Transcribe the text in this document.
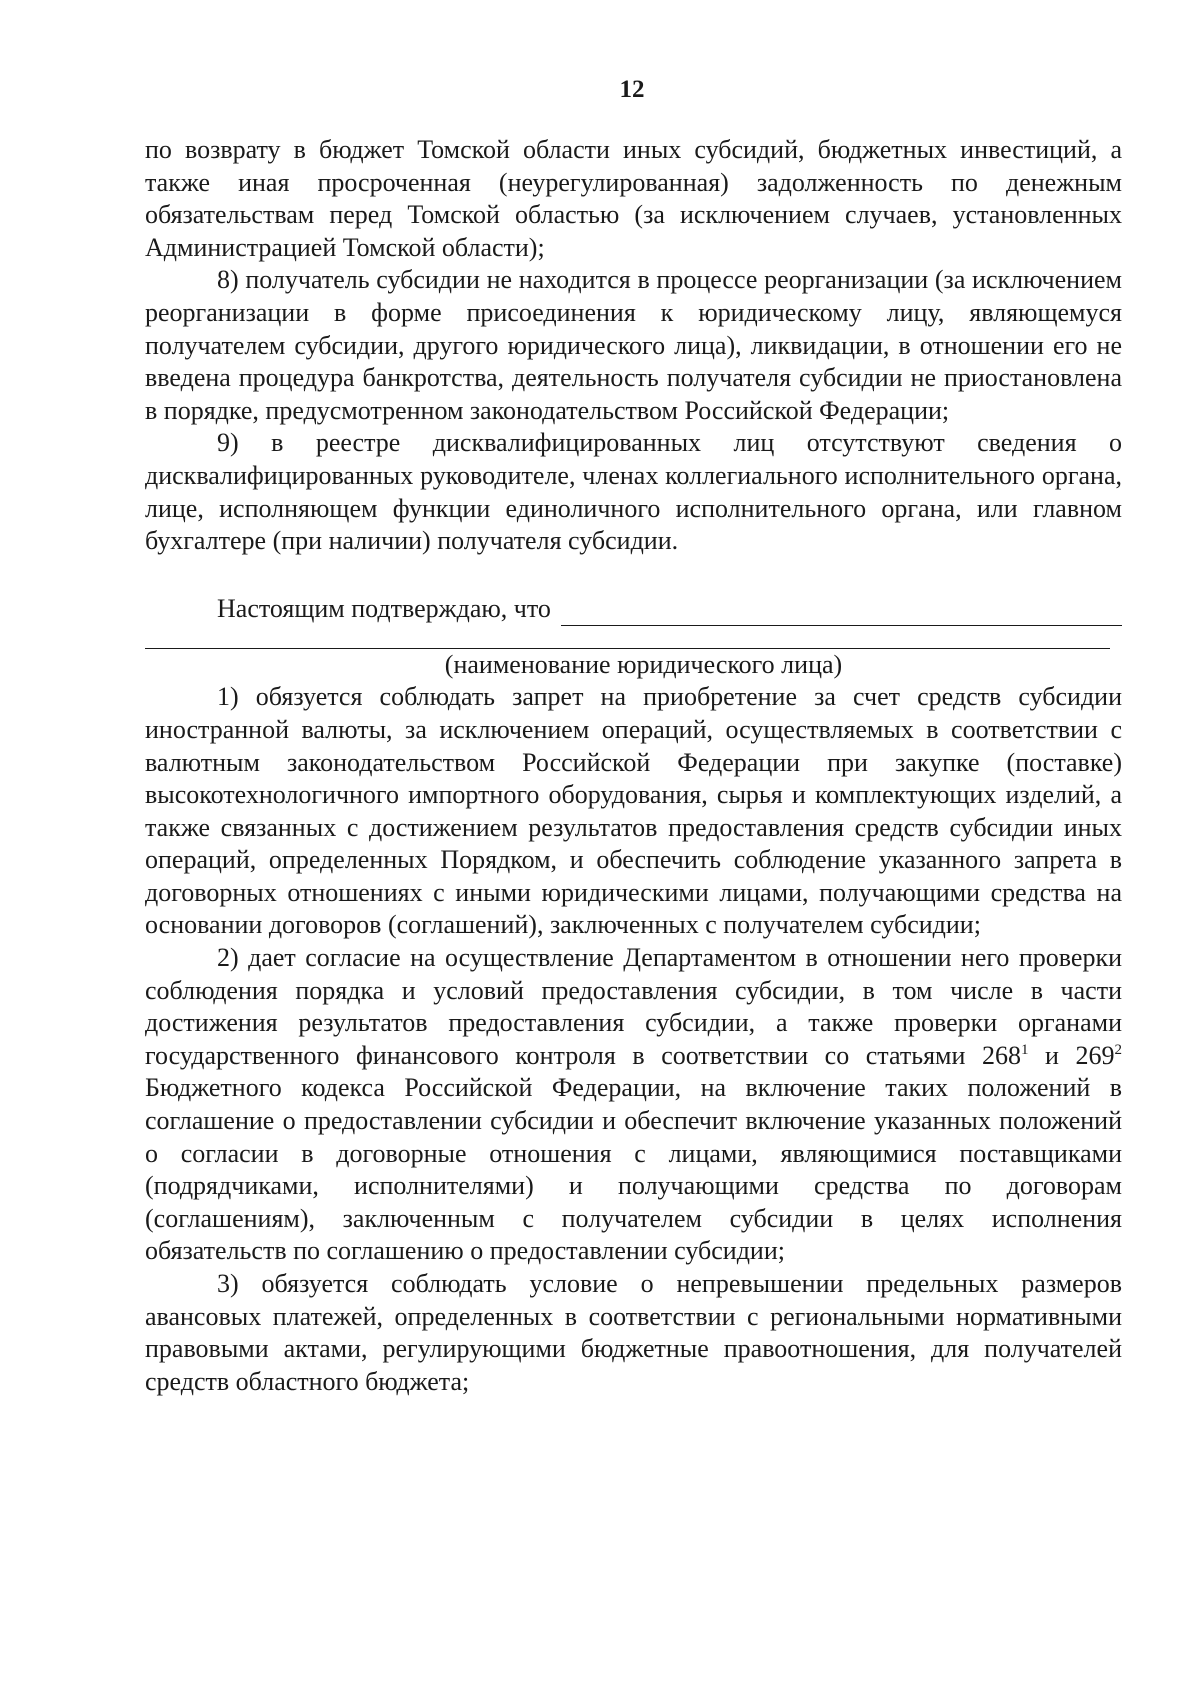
12

по возврату в бюджет Томской области иных субсидий, бюджетных инвестиций, а также иная просроченная (неурегулированная) задолженность по денежным обязательствам перед Томской областью (за исключением случаев, установленных Администрацией Томской области);

8) получатель субсидии не находится в процессе реорганизации (за исключением реорганизации в форме присоединения к юридическому лицу, являющемуся получателем субсидии, другого юридического лица), ликвидации, в отношении его не введена процедура банкротства, деятельность получателя субсидии не приостановлена в порядке, предусмотренном законодательством Российской Федерации;

9) в реестре дисквалифицированных лиц отсутствуют сведения о дисквалифицированных руководителе, членах коллегиального исполнительного органа, лице, исполняющем функции единоличного исполнительного органа, или главном бухгалтере (при наличии) получателя субсидии.

Настоящим подтверждаю, что

(наименование юридического лица)

1) обязуется соблюдать запрет на приобретение за счет средств субсидии иностранной валюты, за исключением операций, осуществляемых в соответствии с валютным законодательством Российской Федерации при закупке (поставке) высокотехнологичного импортного оборудования, сырья и комплектующих изделий, а также связанных с достижением результатов предоставления средств субсидии иных операций, определенных Порядком, и обеспечить соблюдение указанного запрета в договорных отношениях с иными юридическими лицами, получающими средства на основании договоров (соглашений), заключенных с получателем субсидии;

2) дает согласие на осуществление Департаментом в отношении него проверки соблюдения порядка и условий предоставления субсидии, в том числе в части достижения результатов предоставления субсидии, а также проверки органами государственного финансового контроля в соответствии со статьями $268^1$ и $269^2$ Бюджетного кодекса Российской Федерации, на включение таких положений в соглашение о предоставлении субсидии и обеспечит включение указанных положений о согласии в договорные отношения с лицами, являющимися поставщиками (подрядчиками, исполнителями) и получающими средства по договорам (соглашениям), заключенным с получателем субсидии в целях исполнения обязательств по соглашению о предоставлении субсидии;

3) обязуется соблюдать условие о непревышении предельных размеров авансовых платежей, определенных в соответствии с региональными нормативными правовыми актами, регулирующими бюджетные правоотношения, для получателей средств областного бюджета;
